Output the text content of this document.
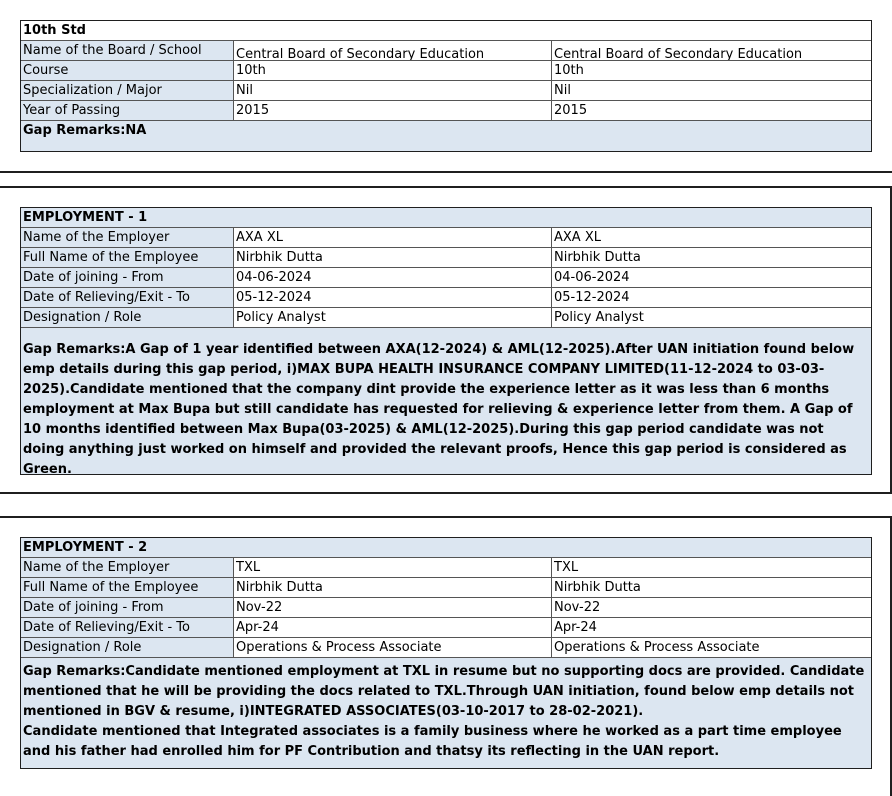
10th Std
Name of the Board / School	Central Board of Secondary Education	Central Board of Secondary Education
Course	10th	10th
Specialization / Major	Nil	Nil
Year of Passing	2015	2015
Gap Remarks:NA
EMPLOYMENT - 1
Name of the Employer	AXA XL	AXA XL
Full Name of the Employee	Nirbhik Dutta	Nirbhik Dutta
Date of joining - From	04-06-2024	04-06-2024
Date of Relieving/Exit - To	05-12-2024	05-12-2024
Designation / Role	Policy Analyst	Policy Analyst

Gap Remarks:A Gap of 1 year identified between AXA(12-2024) & AML(12-2025).After UAN initiation found below emp details during this gap period, i)MAX BUPA HEALTH INSURANCE COMPANY LIMITED(11-12-2024 to 03-03-2025).Candidate mentioned that the company dint provide the experience letter as it was less than 6 months employment at Max Bupa but still candidate has requested for relieving & experience letter from them. A Gap of 10 months identified between Max Bupa(03-2025) & AML(12-2025).During this gap period candidate was not doing anything just worked on himself and provided the relevant proofs, Hence this gap period is considered as Green.

EMPLOYMENT - 2
Name of the Employer	TXL	TXL
Full Name of the Employee	Nirbhik Dutta	Nirbhik Dutta
Date of joining - From	Nov-22	Nov-22
Date of Relieving/Exit - To	Apr-24	Apr-24
Designation / Role	Operations & Process Associate	Operations & Process Associate

Gap Remarks:Candidate mentioned employment at TXL in resume but no supporting docs are provided. Candidate mentioned that he will be providing the docs related to TXL.Through UAN initiation, found below emp details not mentioned in BGV & resume, i)INTEGRATED ASSOCIATES(03-10-2017 to 28-02-2021).

Candidate mentioned that Integrated associates is a family business where he worked as a part time employee and his father had enrolled him for PF Contribution and thatsy its reflecting in the UAN report.
